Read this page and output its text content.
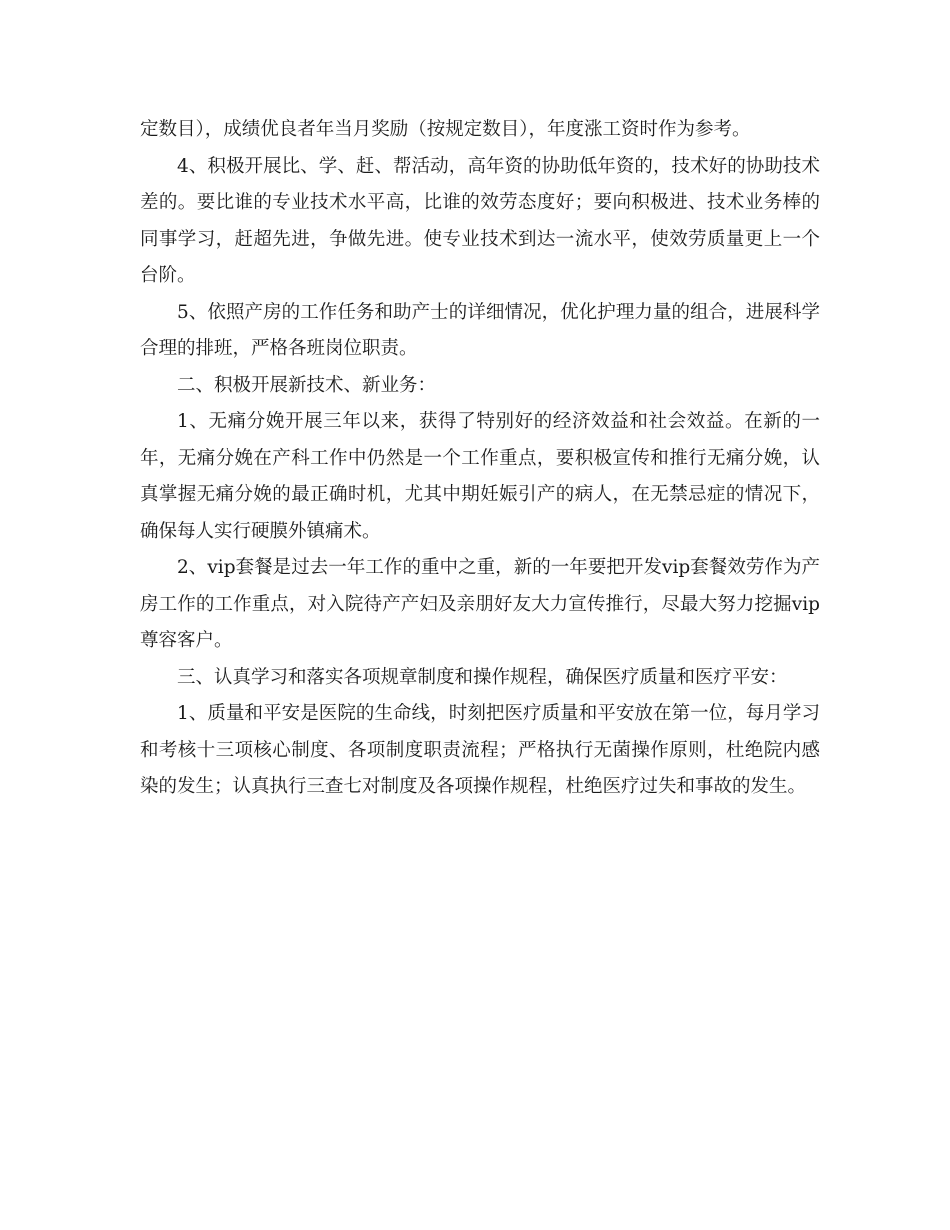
定数目），成绩优良者年当月奖励（按规定数目），年度涨工资时作为参考。

4、积极开展比、学、赶、帮活动，高年资的协助低年资的，技术好的协助技术差的。要比谁的专业技术水平高，比谁的效劳态度好；要向积极进、技术业务棒的同事学习，赶超先进，争做先进。使专业技术到达一流水平，使效劳质量更上一个台阶。

5、依照产房的工作任务和助产士的详细情况，优化护理力量的组合，进展科学合理的排班，严格各班岗位职责。

二、积极开展新技术、新业务：

1、无痛分娩开展三年以来，获得了特别好的经济效益和社会效益。在新的一年，无痛分娩在产科工作中仍然是一个工作重点，要积极宣传和推行无痛分娩，认真掌握无痛分娩的最正确时机，尤其中期妊娠引产的病人，在无禁忌症的情况下，确保每人实行硬膜外镇痛术。

2、vip套餐是过去一年工作的重中之重，新的一年要把开发vip套餐效劳作为产房工作的工作重点，对入院待产产妇及亲朋好友大力宣传推行，尽最大努力挖掘vip尊容客户。

三、认真学习和落实各项规章制度和操作规程，确保医疗质量和医疗平安：

1、质量和平安是医院的生命线，时刻把医疗质量和平安放在第一位，每月学习和考核十三项核心制度、各项制度职责流程；严格执行无菌操作原则，杜绝院内感染的发生；认真执行三查七对制度及各项操作规程，杜绝医疗过失和事故的发生。
